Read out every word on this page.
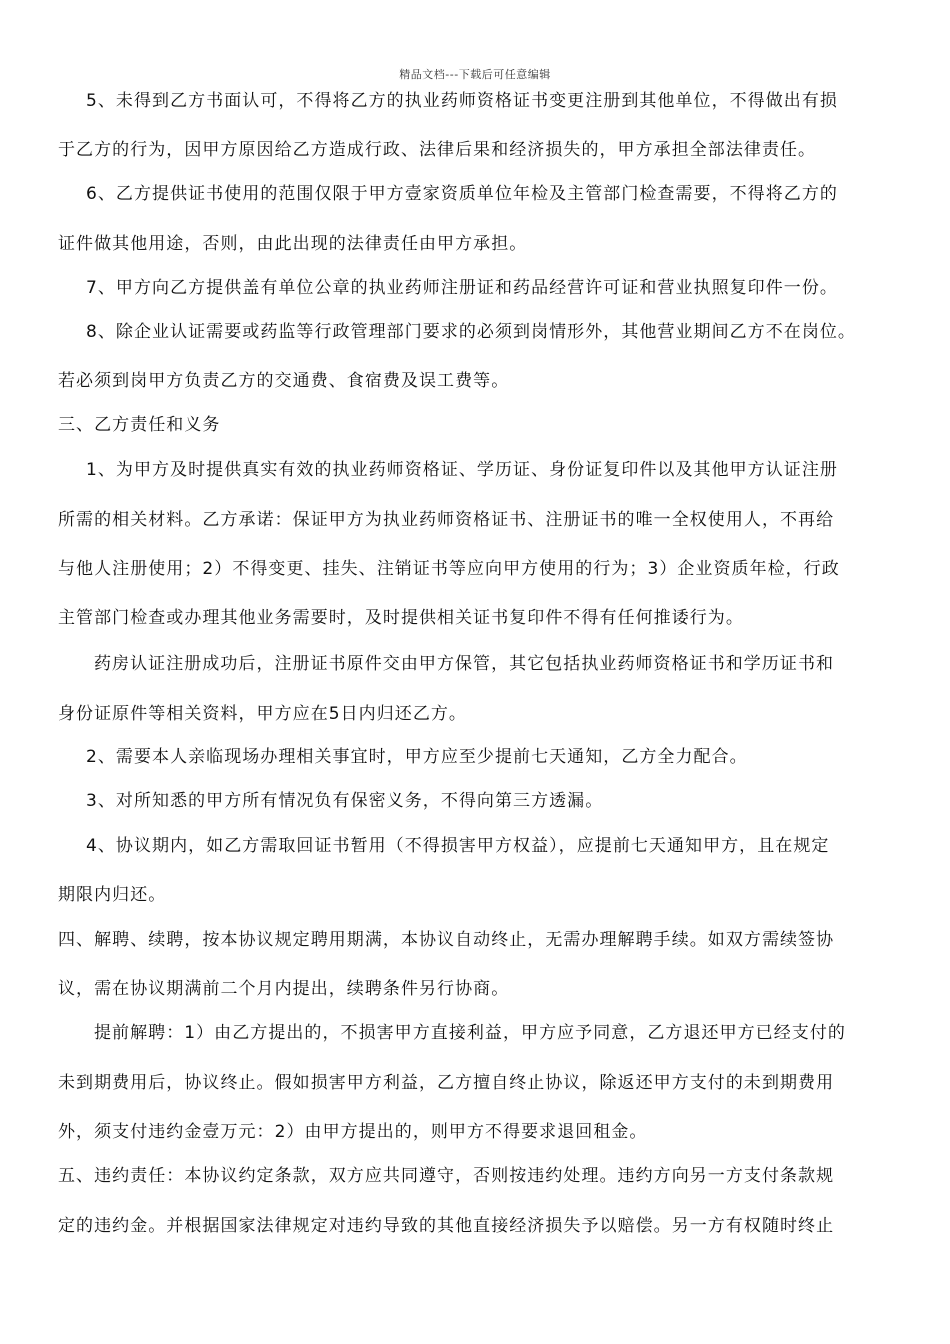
精品文档---下载后可任意编辑
5、未得到乙方书面认可，不得将乙方的执业药师资格证书变更注册到其他单位，不得做出有损
于乙方的行为，因甲方原因给乙方造成行政、法律后果和经济损失的，甲方承担全部法律责任。
6、乙方提供证书使用的范围仅限于甲方壹家资质单位年检及主管部门检查需要，不得将乙方的
证件做其他用途，否则，由此出现的法律责任由甲方承担。
7、甲方向乙方提供盖有单位公章的执业药师注册证和药品经营许可证和营业执照复印件一份。
8、除企业认证需要或药监等行政管理部门要求的必须到岗情形外，其他营业期间乙方不在岗位。
若必须到岗甲方负责乙方的交通费、食宿费及误工费等。
三、乙方责任和义务
1、为甲方及时提供真实有效的执业药师资格证、学历证、身份证复印件以及其他甲方认证注册
所需的相关材料。乙方承诺：保证甲方为执业药师资格证书、注册证书的唯一全权使用人，不再给
与他人注册使用；2）不得变更、挂失、注销证书等应向甲方使用的行为；3）企业资质年检，行政
主管部门检查或办理其他业务需要时，及时提供相关证书复印件不得有任何推诿行为。
药房认证注册成功后，注册证书原件交由甲方保管，其它包括执业药师资格证书和学历证书和
身份证原件等相关资料，甲方应在5日内归还乙方。
2、需要本人亲临现场办理相关事宜时，甲方应至少提前七天通知，乙方全力配合。
3、对所知悉的甲方所有情况负有保密义务，不得向第三方透漏。
4、协议期内，如乙方需取回证书暂用（不得损害甲方权益），应提前七天通知甲方，且在规定
期限内归还。
四、解聘、续聘，按本协议规定聘用期满，本协议自动终止，无需办理解聘手续。如双方需续签协
议，需在协议期满前二个月内提出，续聘条件另行协商。
提前解聘：1）由乙方提出的，不损害甲方直接利益，甲方应予同意，乙方退还甲方已经支付的
未到期费用后，协议终止。假如损害甲方利益，乙方擅自终止协议，除返还甲方支付的未到期费用
外，须支付违约金壹万元：2）由甲方提出的，则甲方不得要求退回租金。
五、违约责任：本协议约定条款，双方应共同遵守，否则按违约处理。违约方向另一方支付条款规
定的违约金。并根据国家法律规定对违约导致的其他直接经济损失予以赔偿。另一方有权随时终止
